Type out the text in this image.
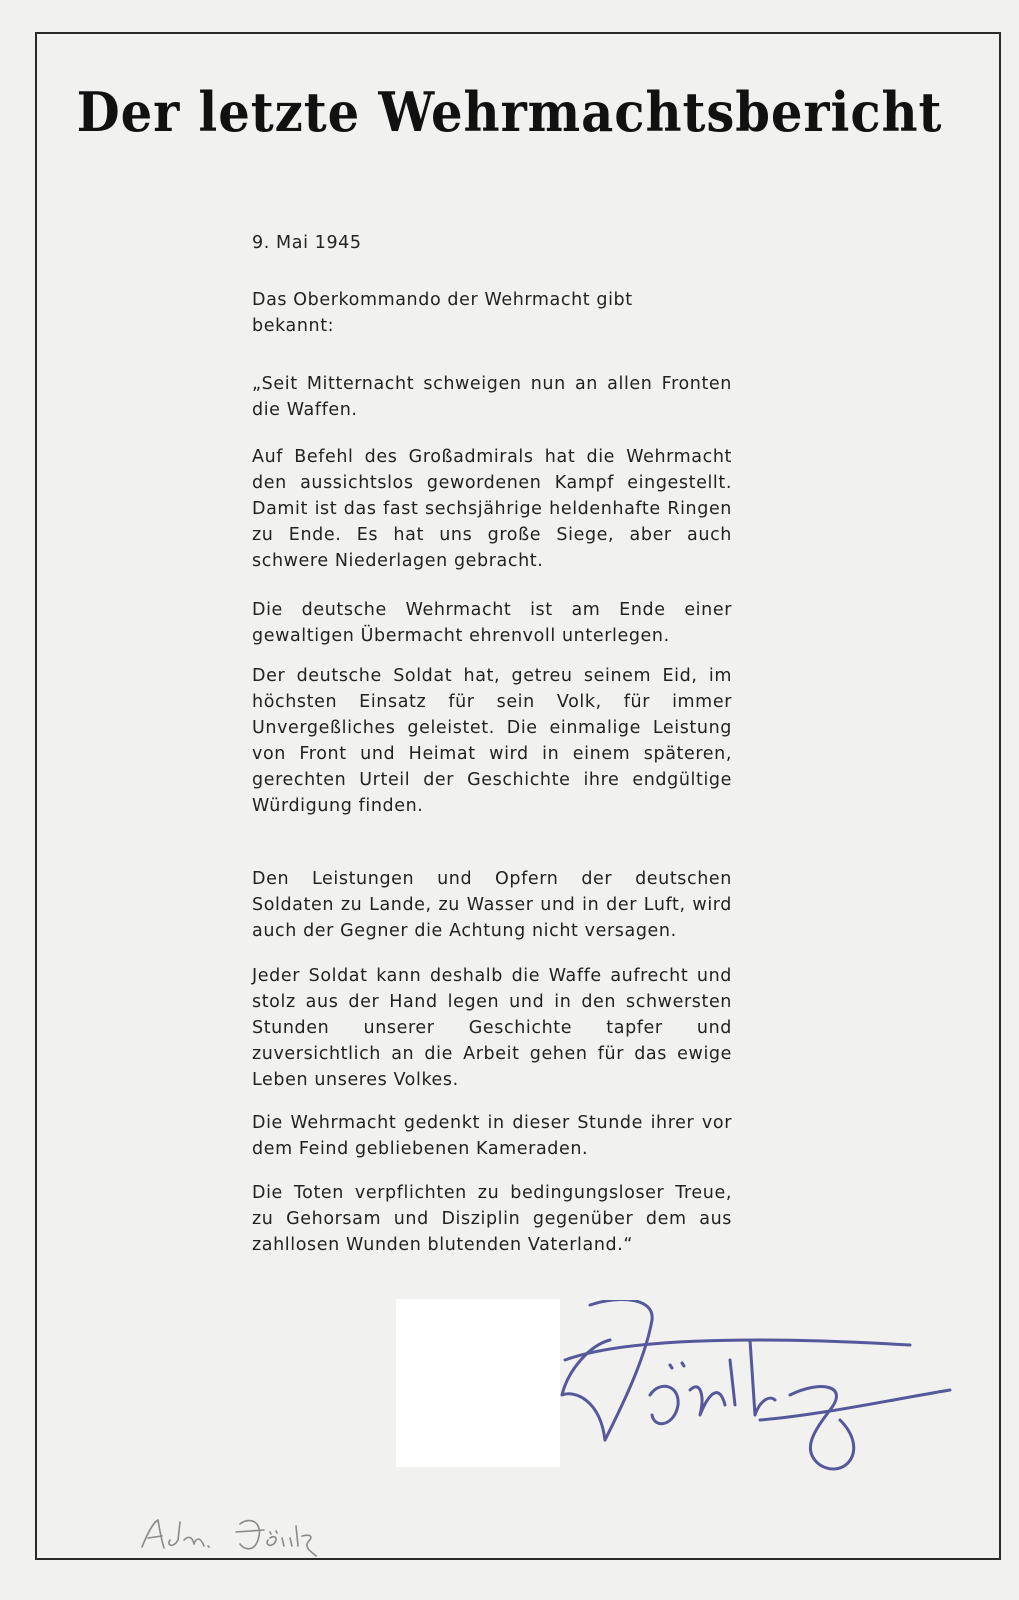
Der letzte Wehrmachtsbericht

9. Mai 1945

Das Oberkommando der Wehrmacht gibt bekannt:

„Seit Mitternacht schweigen nun an allen Fronten die Waffen.

Auf Befehl des Großadmirals hat die Wehrmacht den aussichtslos gewordenen Kampf eingestellt. Damit ist das fast sechsjährige heldenhafte Ringen zu Ende. Es hat uns große Siege, aber auch schwere Niederlagen gebracht.

Die deutsche Wehrmacht ist am Ende einer gewaltigen Übermacht ehrenvoll unterlegen.

Der deutsche Soldat hat, getreu seinem Eid, im höchsten Einsatz für sein Volk, für immer Unvergeßliches geleistet. Die einmalige Leistung von Front und Heimat wird in einem späteren, gerechten Urteil der Geschichte ihre endgültige Würdigung finden.

Den Leistungen und Opfern der deutschen Soldaten zu Lande, zu Wasser und in der Luft, wird auch der Gegner die Achtung nicht versagen.

Jeder Soldat kann deshalb die Waffe aufrecht und stolz aus der Hand legen und in den schwersten Stunden unserer Geschichte tapfer und zuversichtlich an die Arbeit gehen für das ewige Leben unseres Volkes.

Die Wehrmacht gedenkt in dieser Stunde ihrer vor dem Feind gebliebenen Kameraden.

Die Toten verpflichten zu bedingungsloser Treue, zu Gehorsam und Disziplin gegenüber dem aus zahllosen Wunden blutenden Vaterland.“
